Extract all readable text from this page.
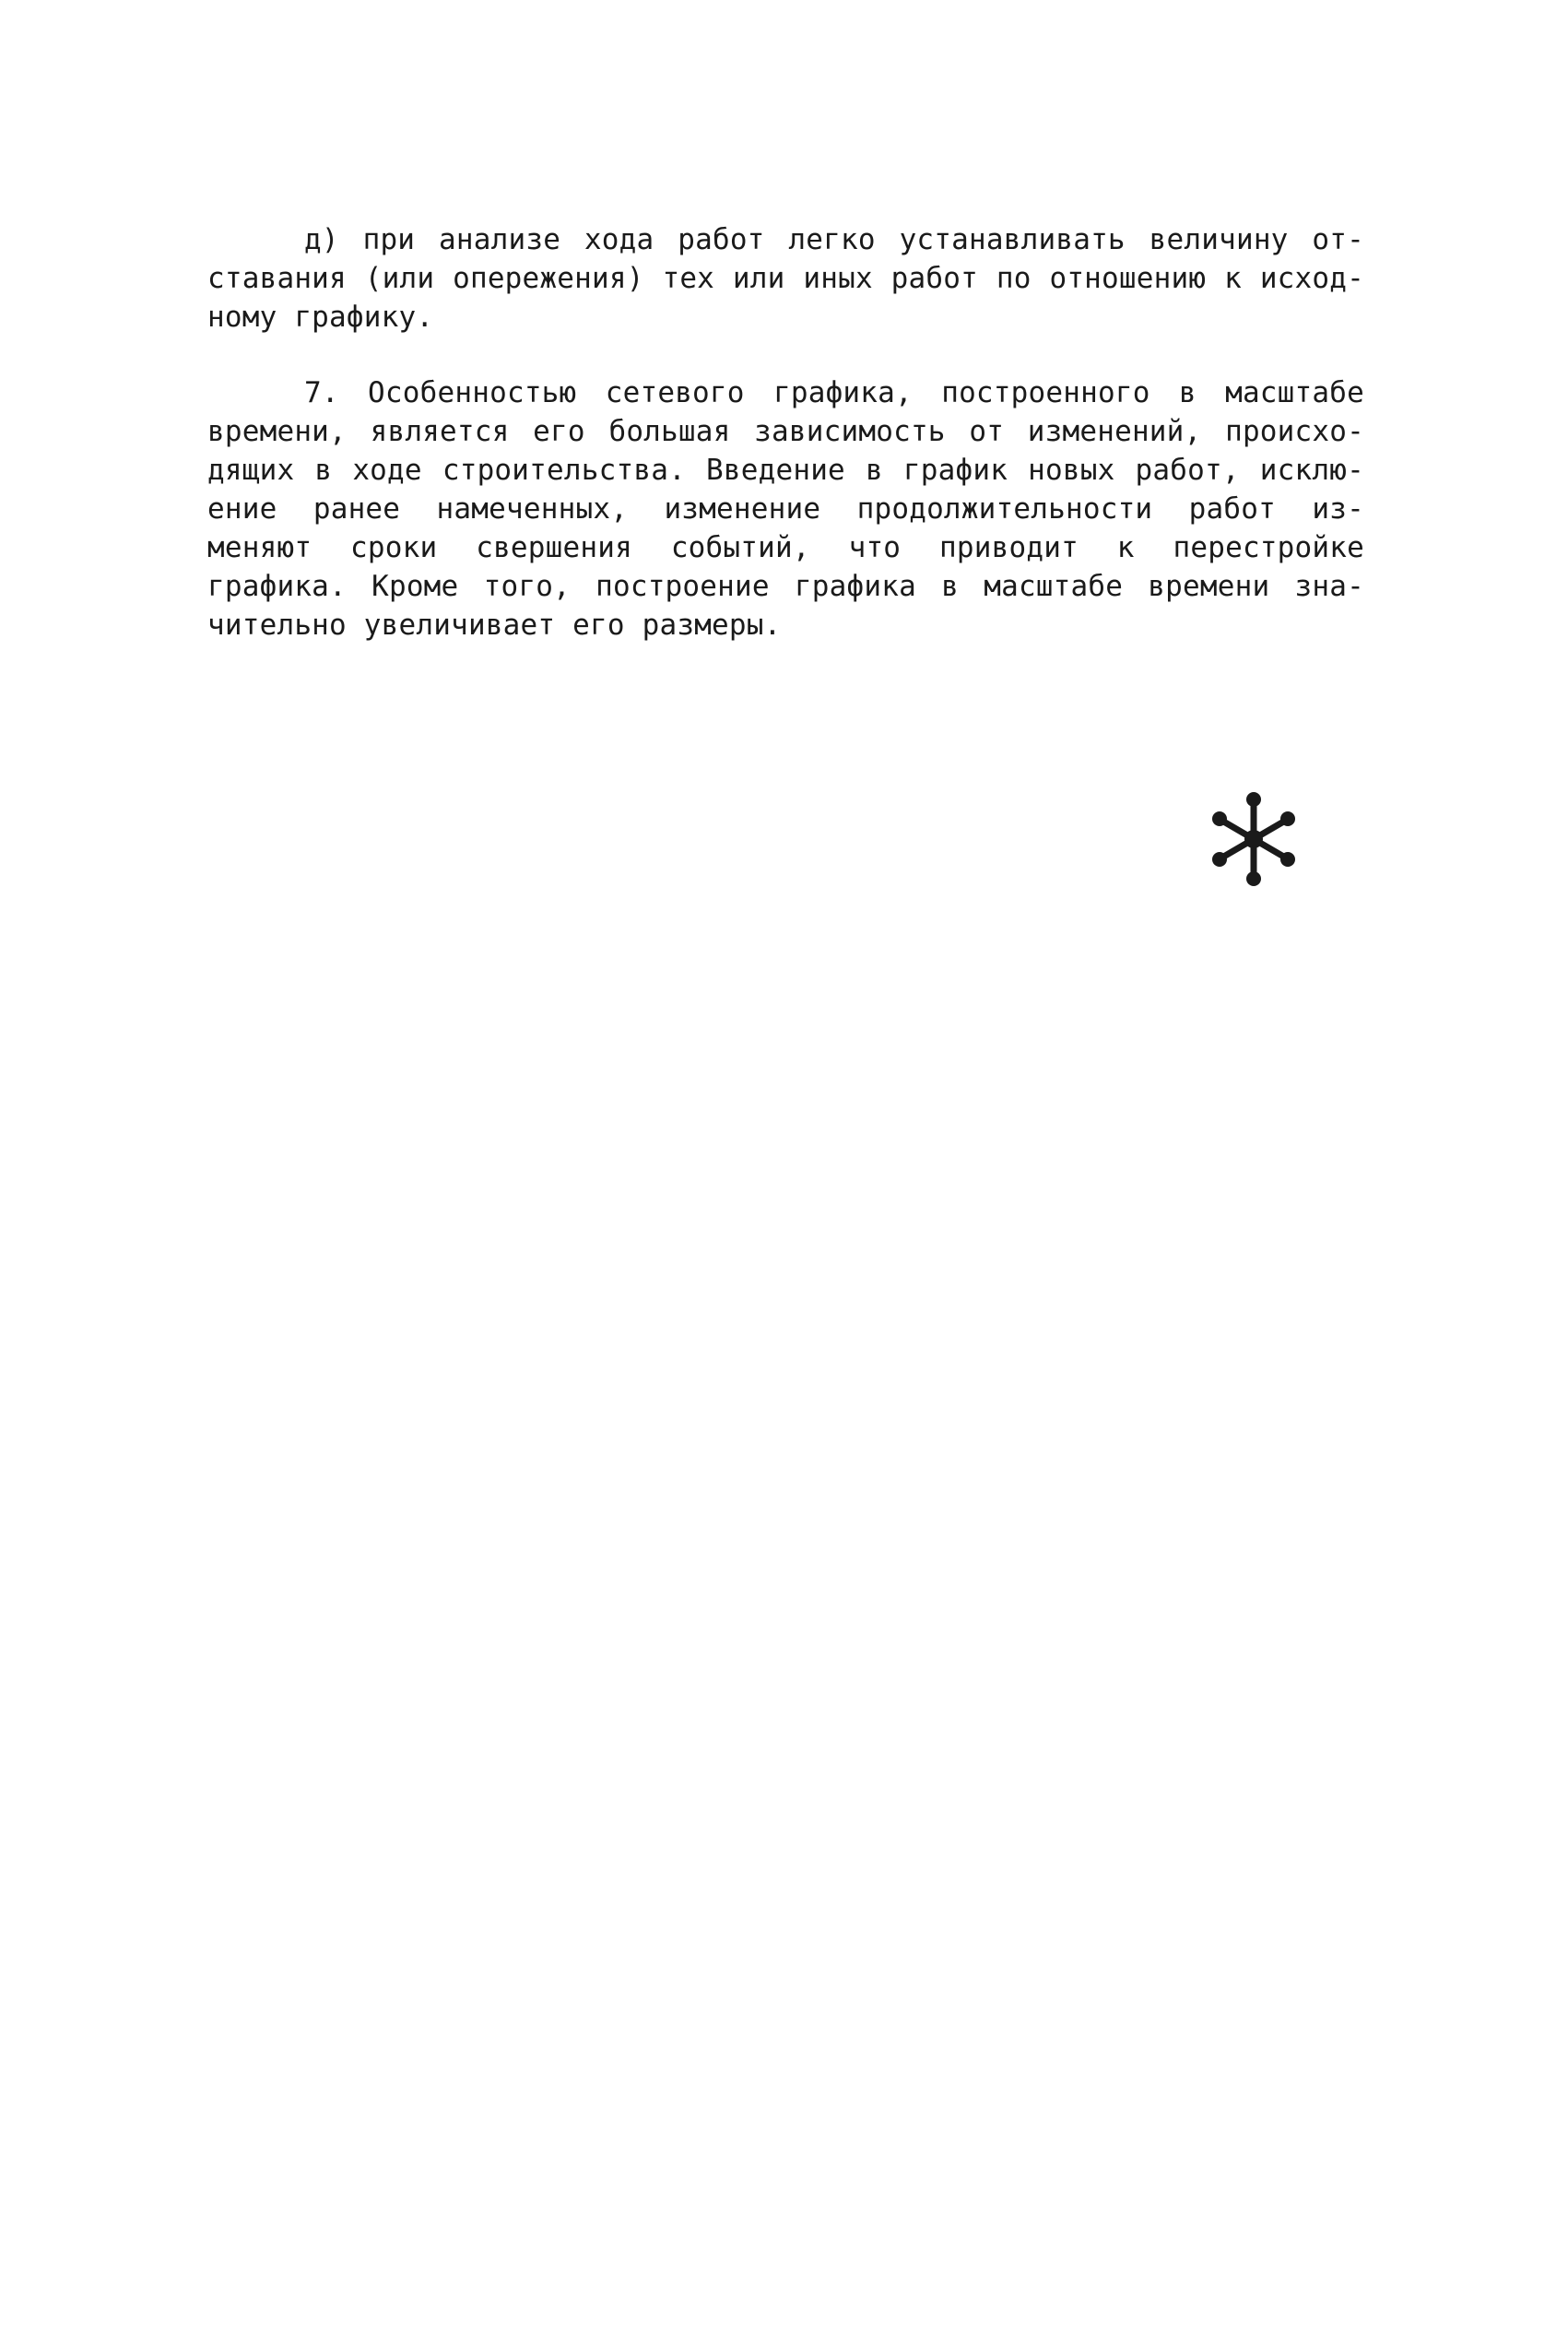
д) при анализе хода работ легко устанавливать величину от-
ставания (или опережения) тех или иных работ по отношению к исход-
ному графику.
7. Особенностью сетевого графика, построенного в масштабе
времени, является его большая зависимость от изменений, происхо-
дящих в ходе строительства. Введение в график новых работ, исклю-
ение ранее намеченных, изменение продолжительности работ из-
меняют сроки свершения событий, что приводит к перестройке
графика. Кроме того, построение графика в масштабе времени зна-
чительно увеличивает его размеры.
